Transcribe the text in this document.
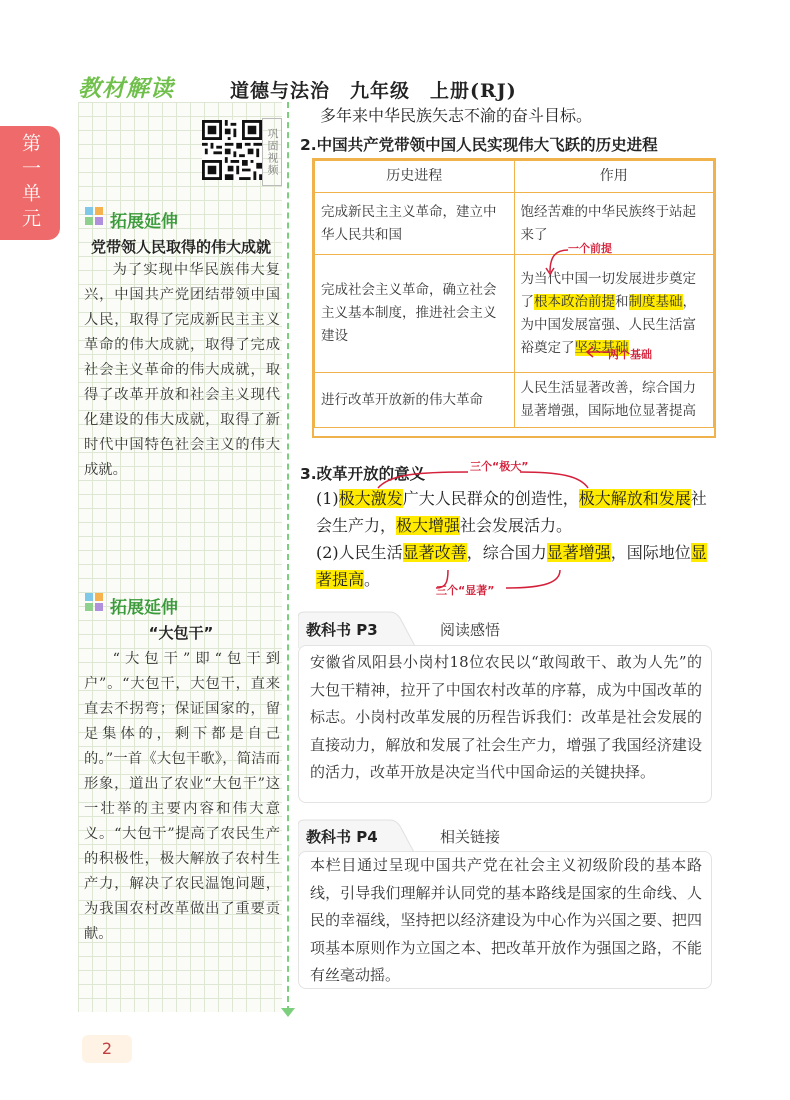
教材解读	道德与法治　九年级　上册(RJ)
第一单元	巩固视频
拓展延伸
党带领人民取得的伟大成就
为了实现中华民族伟大复兴，中国共产党团结带领中国人民，取得了完成新民主主义革命的伟大成就，取得了完成社会主义革命的伟大成就，取得了改革开放和社会主义现代化建设的伟大成就，取得了新时代中国特色社会主义的伟大成就。
拓展延伸
“大包干”
“大包干”即“包干到户”。“大包干，大包干，直来直去不拐弯；保证国家的，留足集体的，剩下都是自己的。”一首《大包干歌》，简洁而形象，道出了农业“大包干”这一壮举的主要内容和伟大意义。“大包干”提高了农民生产的积极性，极大解放了农村生产力，解决了农民温饱问题，为我国农村改革做出了重要贡献。
多年来中华民族矢志不渝的奋斗目标。
2.中国共产党带领中国人民实现伟大飞跃的历史进程
历史进程	作用
完成新民主主义革命，建立中华人民共和国	饱经苦难的中华民族终于站起来了
完成社会主义革命，确立社会主义基本制度，推进社会主义建设	为当代中国一切发展进步奠定了根本政治前提和制度基础，为中国发展富强、人民生活富裕奠定了坚实基础
进行改革开放新的伟大革命	人民生活显著改善，综合国力显著增强，国际地位显著提高
一个前提
两个基础
3.改革开放的意义	三个“极大”
(1)极大激发广大人民群众的创造性，极大解放和发展社会生产力，极大增强社会发展活力。
(2)人民生活显著改善，综合国力显著增强，国际地位显著提高。
三个“显著”
教科书 P3	阅读感悟
安徽省凤阳县小岗村18位农民以“敢闯敢干、敢为人先”的大包干精神，拉开了中国农村改革的序幕，成为中国改革的标志。小岗村改革发展的历程告诉我们：改革是社会发展的直接动力，解放和发展了社会生产力，增强了我国经济建设的活力，改革开放是决定当代中国命运的关键抉择。
教科书 P4	相关链接
本栏目通过呈现中国共产党在社会主义初级阶段的基本路线，引导我们理解并认同党的基本路线是国家的生命线、人民的幸福线，坚持把以经济建设为中心作为兴国之要、把四项基本原则作为立国之本、把改革开放作为强国之路，不能有丝毫动摇。
2
